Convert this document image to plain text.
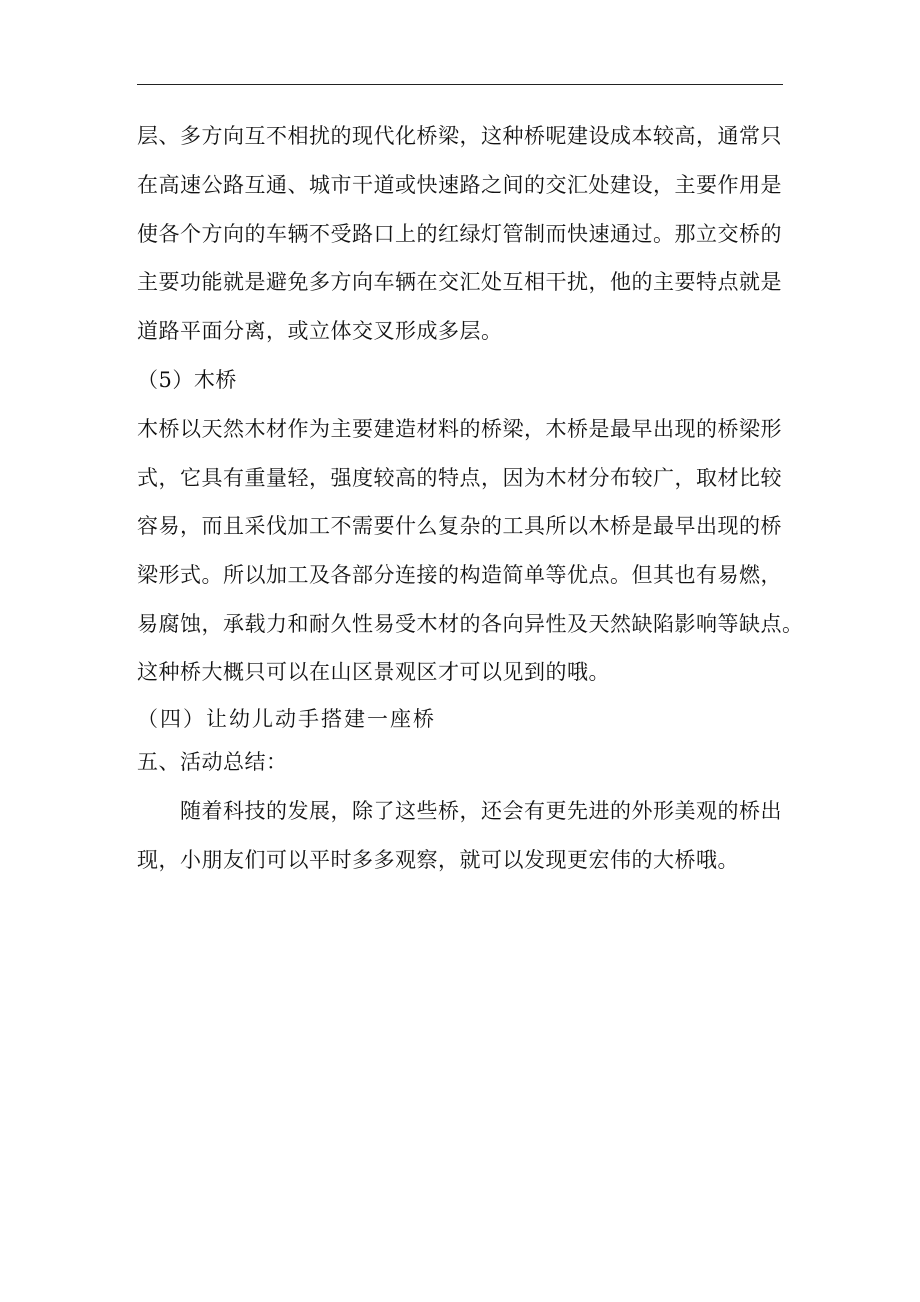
层、多方向互不相扰的现代化桥梁，这种桥呢建设成本较高，通常只
在高速公路互通、城市干道或快速路之间的交汇处建设，主要作用是
使各个方向的车辆不受路口上的红绿灯管制而快速通过。那立交桥的
主要功能就是避免多方向车辆在交汇处互相干扰，他的主要特点就是
道路平面分离，或立体交叉形成多层。
（5）木桥
木桥以天然木材作为主要建造材料的桥梁，木桥是最早出现的桥梁形
式，它具有重量轻，强度较高的特点，因为木材分布较广，取材比较
容易，而且采伐加工不需要什么复杂的工具所以木桥是最早出现的桥
梁形式。所以加工及各部分连接的构造简单等优点。但其也有易燃，
易腐蚀，承载力和耐久性易受木材的各向异性及天然缺陷影响等缺点。
这种桥大概只可以在山区景观区才可以见到的哦。
（四）让幼儿动手搭建一座桥
五、活动总结：
随着科技的发展，除了这些桥，还会有更先进的外形美观的桥出
现，小朋友们可以平时多多观察，就可以发现更宏伟的大桥哦。
